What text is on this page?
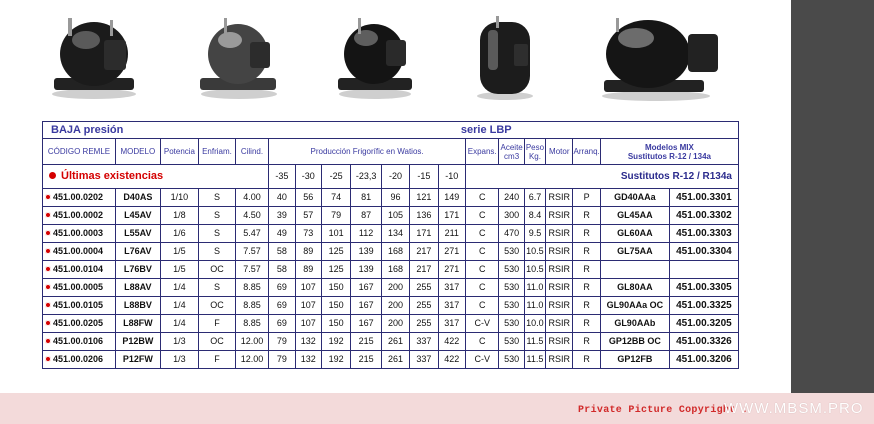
BAJA presión								serie LBP										
CÓDIGO REMLE	MODELO	Potencia	Enfriam.	Cilind.	Producción Frigorífic en Watios.							Expans.	Aceite cm3	Peso Kg.	Motor	Arranq.	Modelos MIX
Sustitutos R-12 / 134a	
Últimas existencias					-35	-30	-25	-23,3	-20	-15	-10	Sustitutos R-12 / R134a						
451.00.0202	D40AS	1/10	S	4.00	40	56	74	81	96	121	149	C	240	6.7	RSIR	P	GD40AAa	451.00.3301
451.00.0002	L45AV	1/8	S	4.50	39	57	79	87	105	136	171	C	300	8.4	RSIR	R	GL45AA	451.00.3302
451.00.0003	L55AV	1/6	S	5.47	49	73	101	112	134	171	211	C	470	9.5	RSIR	R	GL60AA	451.00.3303
451.00.0004	L76AV	1/5	S	7.57	58	89	125	139	168	217	271	C	530	10.5	RSIR	R	GL75AA	451.00.3304
451.00.0104	L76BV	1/5	OC	7.57	58	89	125	139	168	217	271	C	530	10.5	RSIR	R		
451.00.0005	L88AV	1/4	S	8.85	69	107	150	167	200	255	317	C	530	11.0	RSIR	R	GL80AA	451.00.3305
451.00.0105	L88BV	1/4	OC	8.85	69	107	150	167	200	255	317	C	530	11.0	RSIR	R	GL90AAa OC	451.00.3325
451.00.0205	L88FW	1/4	F	8.85	69	107	150	167	200	255	317	C-V	530	10.0	RSIR	R	GL90AAb	451.00.3205
451.00.0106	P12BW	1/3	OC	12.00	79	132	192	215	261	337	422	C	530	11.5	RSIR	R	GP12BB OC	451.00.3326
451.00.0206	P12FW	1/3	F	12.00	79	132	192	215	261	337	422	C-V	530	11.5	RSIR	R	GP12FB	451.00.3206
Private Picture Copyright :
WWW.MBSM.PRO
